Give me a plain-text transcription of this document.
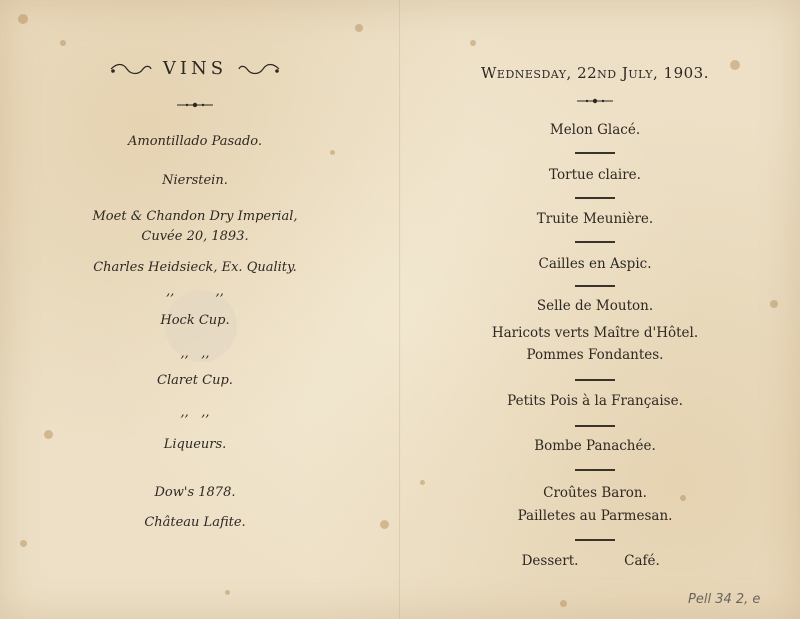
VINS
Amontillado Pasado.
Nierstein.
Moet & Chandon Dry Imperial,
Cuvée 20, 1893.
Charles Heidsieck, Ex. Quality.
,,          ,,
Hock Cup.
,,   ,,
Claret Cup.
,,   ,,
Liqueurs.
Dow's 1878.
Château Lafite.
Wednesday, 22nd July, 1903.
Melon Glacé.
Tortue claire.
Truite Meunière.
Cailles en Aspic.
Selle de Mouton.
Haricots verts Maître d'Hôtel.
Pommes Fondantes.
Petits Pois à la Française.
Bombe Panachée.
Croûtes Baron.
Pailletes au Parmesan.
Dessert.	Café.
Pell 34 2, e
